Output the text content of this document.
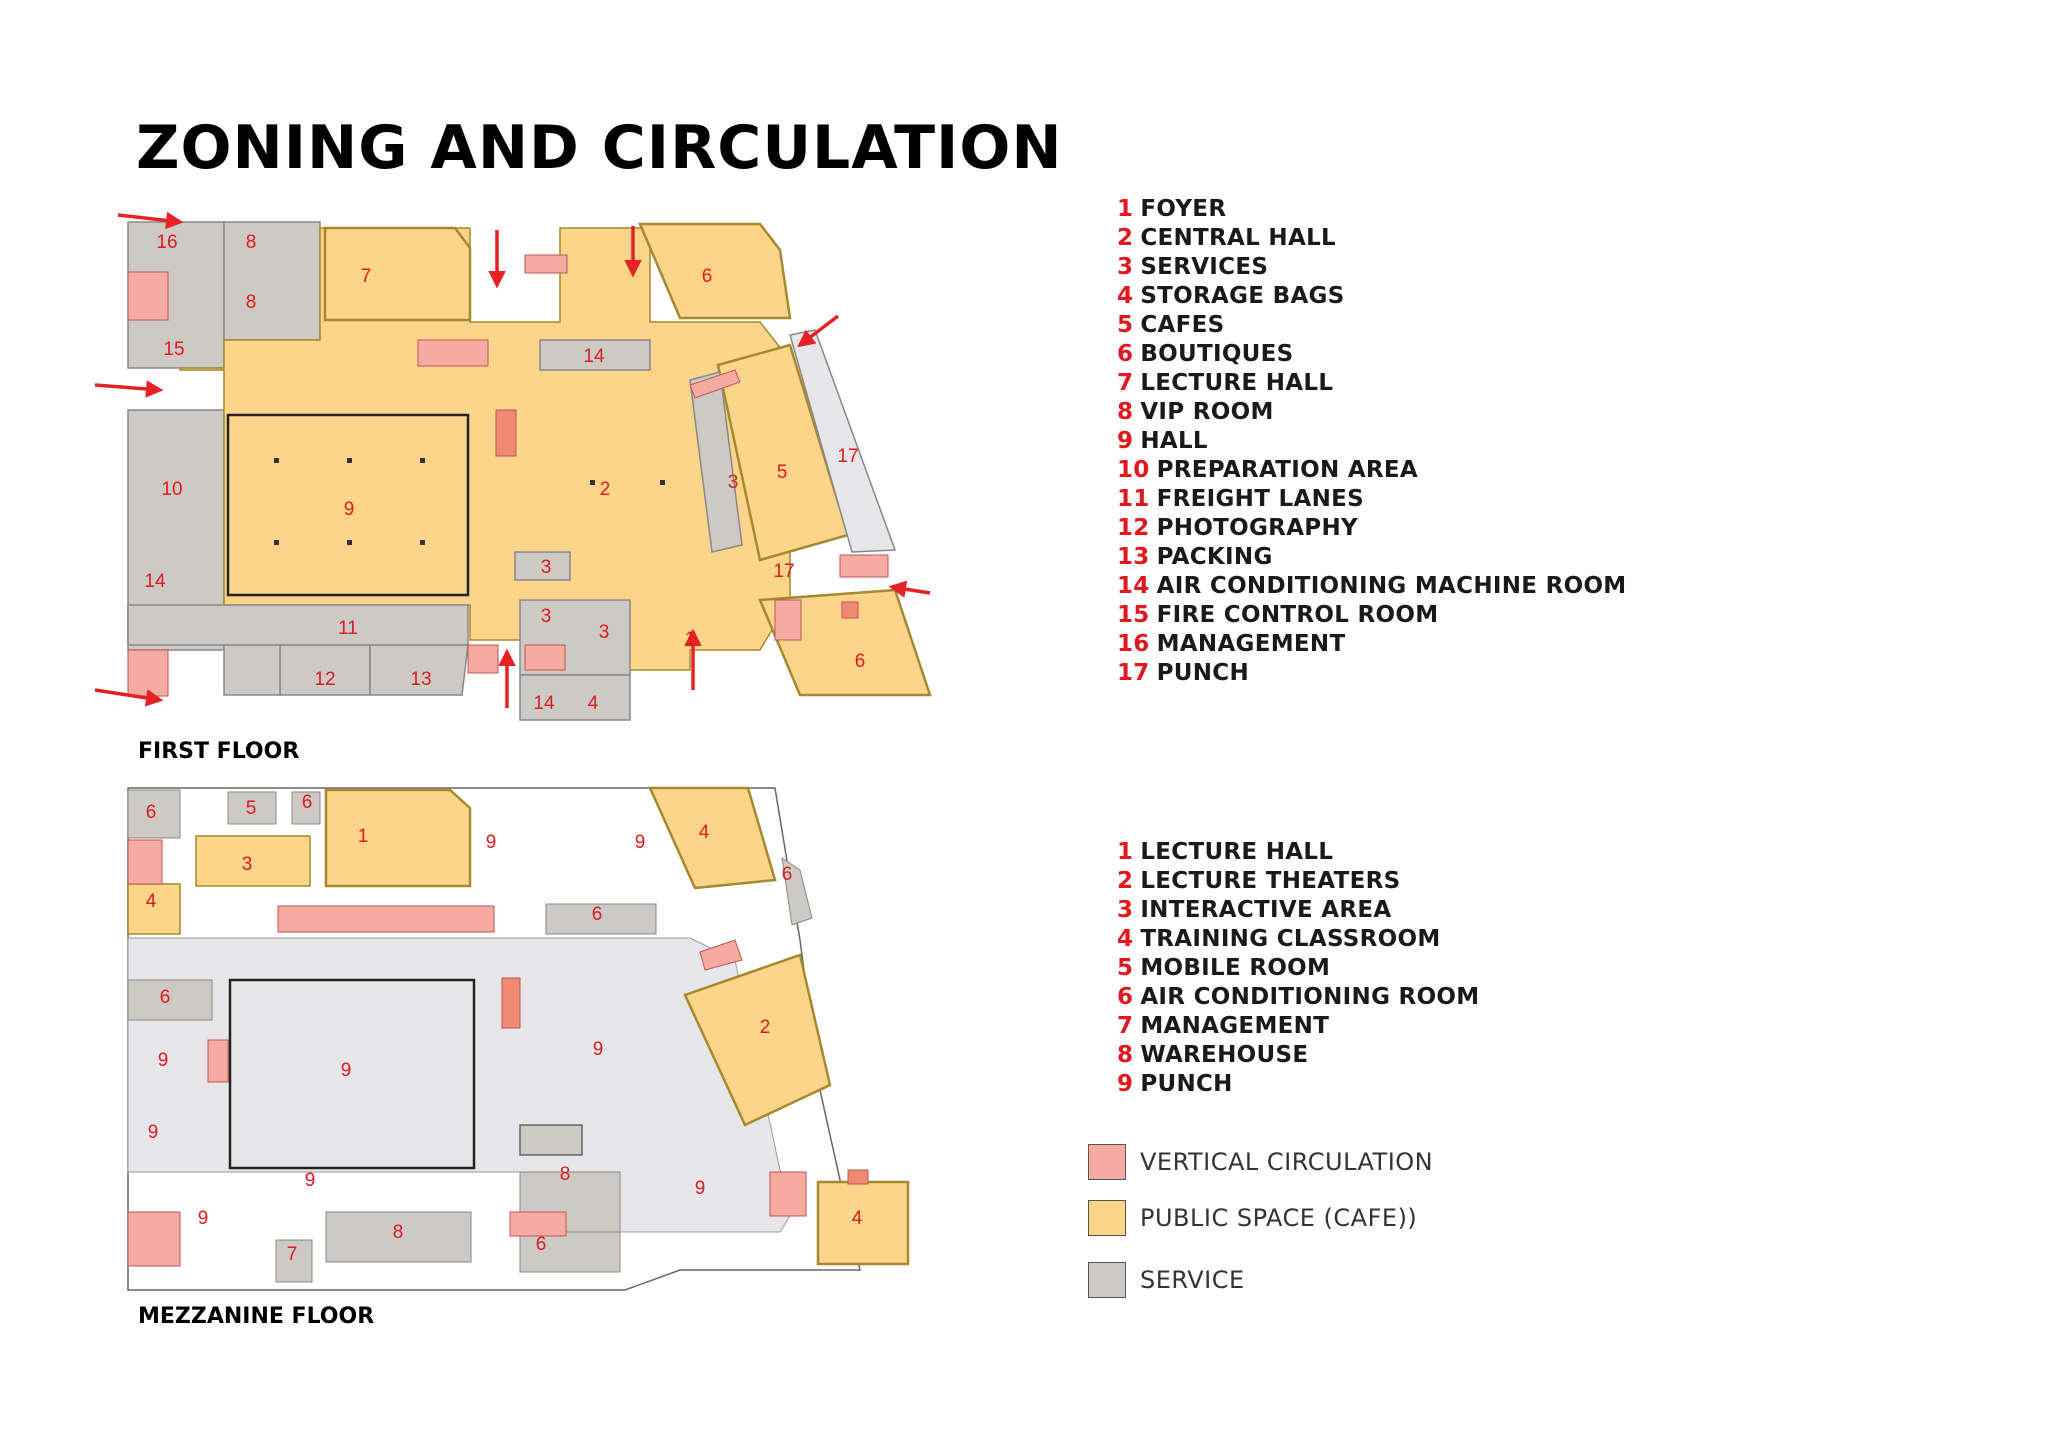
ZONING AND CIRCULATION
16	8
8
15
7	6
14
10
9
2	3 5
17
14
3	17
11
3
3	1
6
12	13
14 4
FIRST FLOOR
6	5 6
3
1	9	9	4
6
4
6
6
9	9
9
2
9
9	9
8
9
7
8
6
4
MEZZANINE FLOOR
1 FOYER
2 CENTRAL HALL
3 SERVICES
4 STORAGE BAGS
5 CAFES
6 BOUTIQUES
7 LECTURE HALL
8 VIP ROOM
9 HALL
10 PREPARATION AREA
11 FREIGHT LANES
12 PHOTOGRAPHY
13 PACKING
14 AIR CONDITIONING MACHINE ROOM
15 FIRE CONTROL ROOM
16 MANAGEMENT
17 PUNCH
1 LECTURE HALL
2 LECTURE THEATERS
3 INTERACTIVE AREA
4 TRAINING CLASSROOM
5 MOBILE ROOM
6 AIR CONDITIONING ROOM
7 MANAGEMENT
8 WAREHOUSE
9 PUNCH
VERTICAL CIRCULATION
PUBLIC SPACE (CAFE))
SERVICE
